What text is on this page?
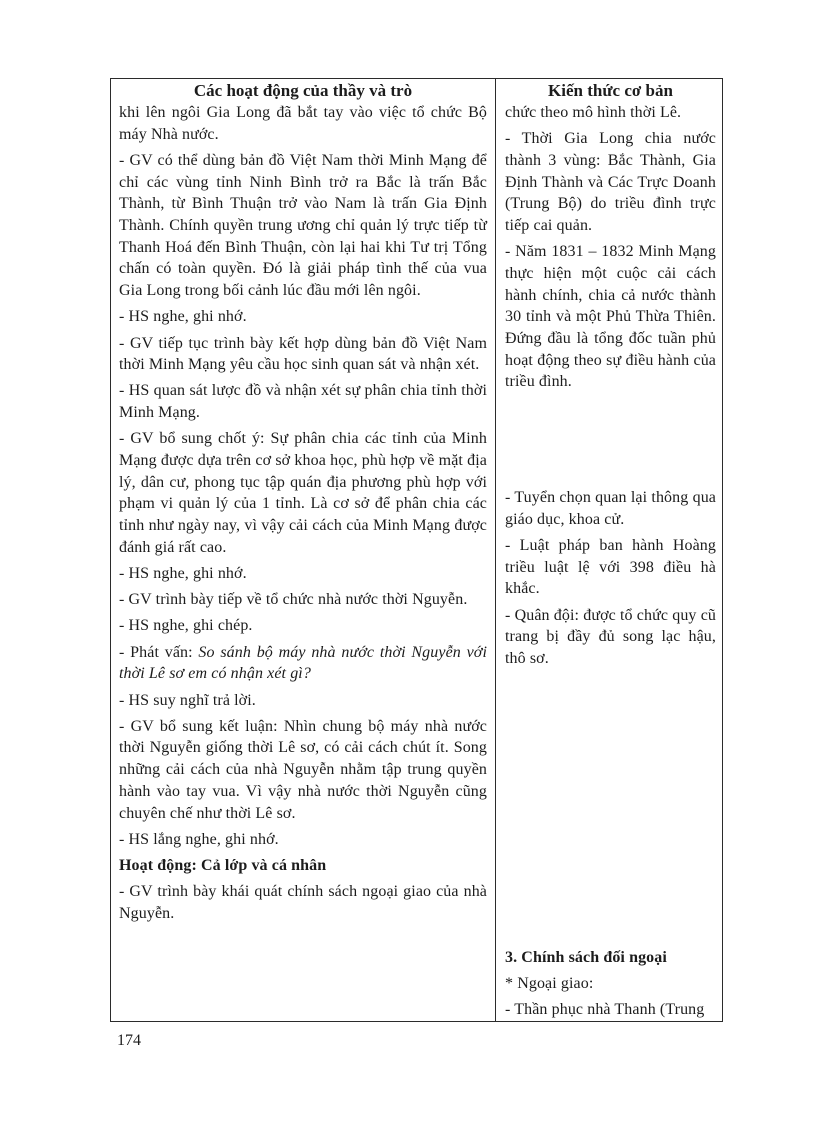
Các hoạt động của thầy và trò

khi lên ngôi Gia Long đã bắt tay vào việc tổ chức Bộ máy Nhà nước.

- GV có thể dùng bản đồ Việt Nam thời Minh Mạng để chỉ các vùng tỉnh Ninh Bình trở ra Bắc là trấn Bắc Thành, từ Bình Thuận trở vào Nam là trấn Gia Định Thành. Chính quyền trung ương chỉ quản lý trực tiếp từ Thanh Hoá đến Bình Thuận, còn lại hai khi Tư trị Tổng chấn có toàn quyền. Đó là giải pháp tình thế của vua Gia Long trong bối cảnh lúc đầu mới lên ngôi.

- HS nghe, ghi nhớ.

- GV tiếp tục trình bày kết hợp dùng bản đồ Việt Nam thời Minh Mạng yêu cầu học sinh quan sát và nhận xét.

- HS quan sát lược đồ và nhận xét sự phân chia tỉnh thời Minh Mạng.

- GV bổ sung chốt ý: Sự phân chia các tỉnh của Minh Mạng được dựa trên cơ sở khoa học, phù hợp về mặt địa lý, dân cư, phong tục tập quán địa phương phù hợp với phạm vi quản lý của 1 tỉnh. Là cơ sở để phân chia các tỉnh như ngày nay, vì vậy cải cách của Minh Mạng được đánh giá rất cao.

- HS nghe, ghi nhớ.

- GV trình bày tiếp về tổ chức nhà nước thời Nguyễn.

- HS nghe, ghi chép.

- Phát vấn: So sánh bộ máy nhà nước thời Nguyễn với thời Lê sơ em có nhận xét gì?

- HS suy nghĩ trả lời.

- GV bổ sung kết luận: Nhìn chung bộ máy nhà nước thời Nguyễn giống thời Lê sơ, có cải cách chút ít. Song những cải cách của nhà Nguyễn nhằm tập trung quyền hành vào tay vua. Vì vậy nhà nước thời Nguyễn cũng chuyên chế như thời Lê sơ.

- HS lắng nghe, ghi nhớ.

Hoạt động: Cả lớp và cá nhân

- GV trình bày khái quát chính sách ngoại giao của nhà Nguyễn.

Kiến thức cơ bản

chức theo mô hình thời Lê.

- Thời Gia Long chia nước thành 3 vùng: Bắc Thành, Gia Định Thành và Các Trực Doanh (Trung Bộ) do triều đình trực tiếp cai quản.

- Năm 1831 – 1832 Minh Mạng thực hiện một cuộc cải cách hành chính, chia cả nước thành 30 tỉnh và một Phủ Thừa Thiên. Đứng đầu là tổng đốc tuần phủ hoạt động theo sự điều hành của triều đình.

- Tuyển chọn quan lại thông qua giáo dục, khoa cử.

- Luật pháp ban hành Hoàng triều luật lệ với 398 điều hà khắc.

- Quân đội: được tổ chức quy cũ trang bị đầy đủ song lạc hậu, thô sơ.

3. Chính sách đối ngoại

* Ngoại giao:

- Thần phục nhà Thanh (Trung

174
